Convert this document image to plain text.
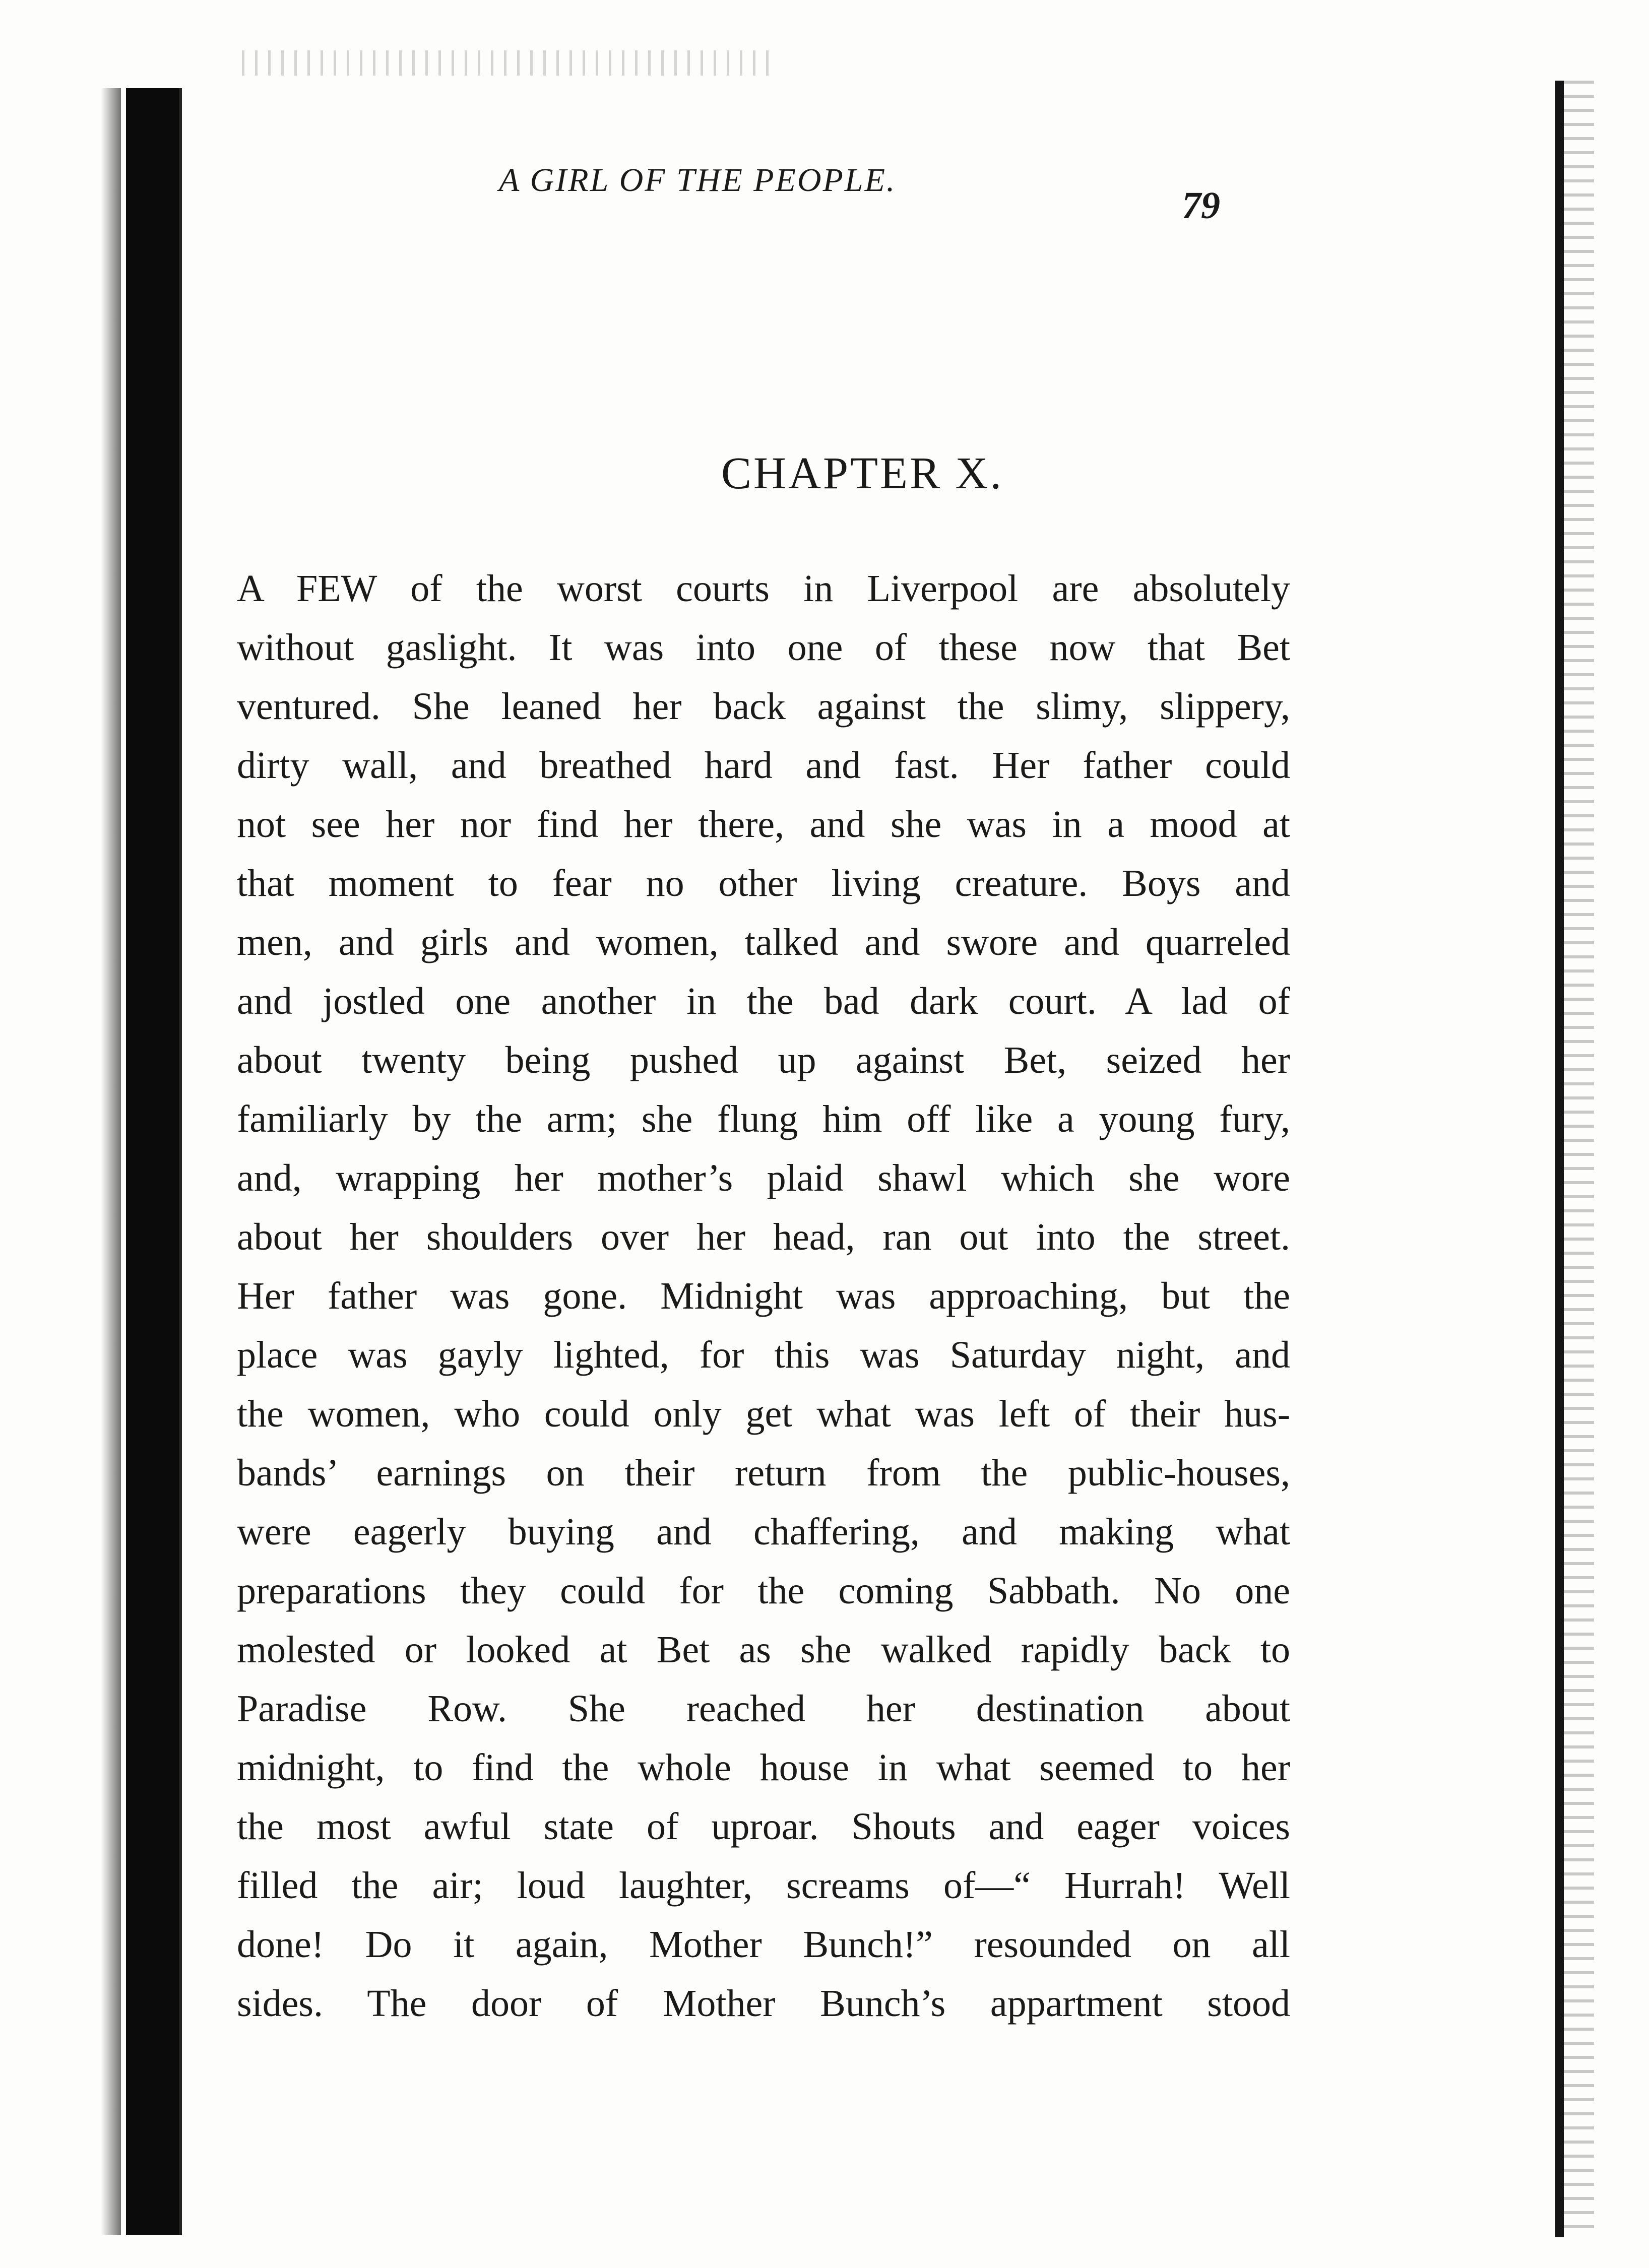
A GIRL OF THE PEOPLE.
79
CHAPTER X.
A FEW of the worst courts in Liverpool are absolutely
without gaslight. It was into one of these now that Bet
ventured. She leaned her back against the slimy, slippery,
dirty wall, and breathed hard and fast. Her father could
not see her nor find her there, and she was in a mood at
that moment to fear no other living creature. Boys and
men, and girls and women, talked and swore and quarreled
and jostled one another in the bad dark court. A lad of
about twenty being pushed up against Bet, seized her
familiarly by the arm; she flung him off like a young fury,
and, wrapping her mother’s plaid shawl which she wore
about her shoulders over her head, ran out into the street.
Her father was gone. Midnight was approaching, but the
place was gayly lighted, for this was Saturday night, and
the women, who could only get what was left of their hus-
bands’ earnings on their return from the public-houses,
were eagerly buying and chaffering, and making what
preparations they could for the coming Sabbath. No one
molested or looked at Bet as she walked rapidly back to
Paradise Row. She reached her destination about
midnight, to find the whole house in what seemed to her
the most awful state of uproar. Shouts and eager voices
filled the air; loud laughter, screams of—“ Hurrah! Well
done! Do it again, Mother Bunch!” resounded on all
sides. The door of Mother Bunch’s appartment stood
